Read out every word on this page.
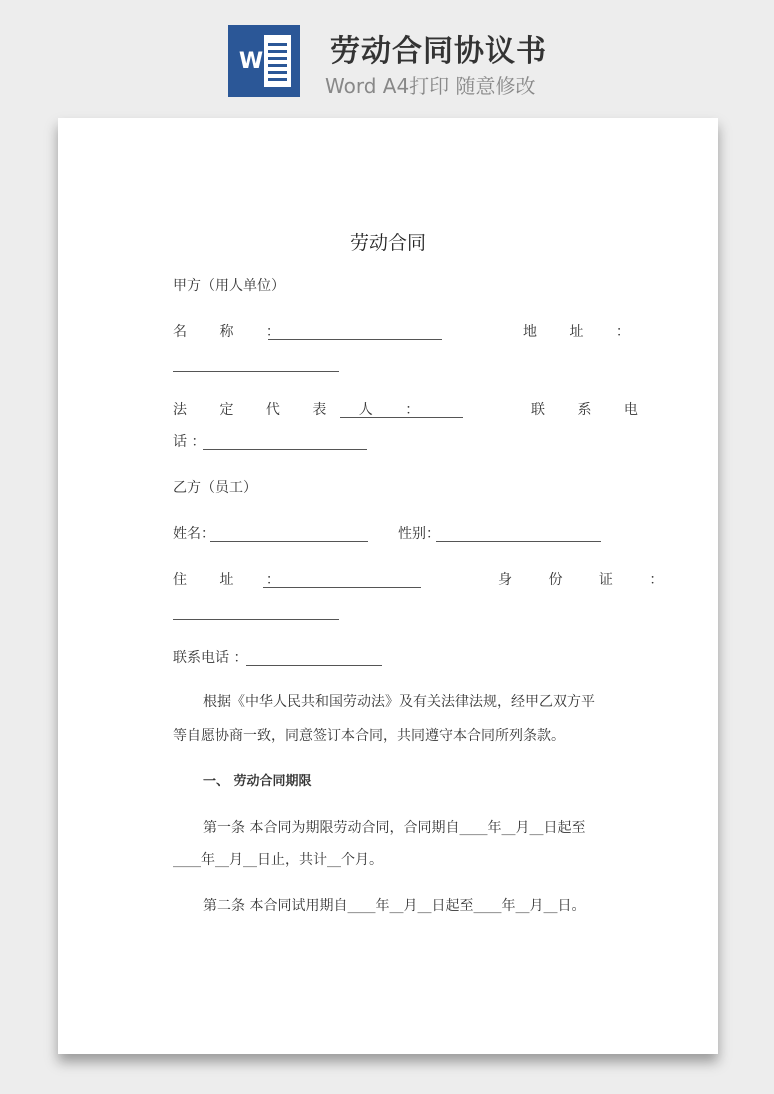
W 劳动合同协议书
Word A4打印 随意修改
劳动合同
甲方（用人单位）
名 称 ：	地 址 ：
法 定 代 表 人 ：	联 系 电
话 ：
乙方（员工）
姓名：	性别：
住 址 ：	身 份 证 ：
联系电话 ：
根据《中华人民共和国劳动法》及有关法律法规，经甲乙双方平
等自愿协商一致，同意签订本合同，共同遵守本合同所列条款。
一、 劳动合同期限
第一条 本合同为期限劳动合同，合同期自____年__月__日起至
____年__月__日止，共计__个月。
第二条 本合同试用期自____年__月__日起至____年__月__日。
